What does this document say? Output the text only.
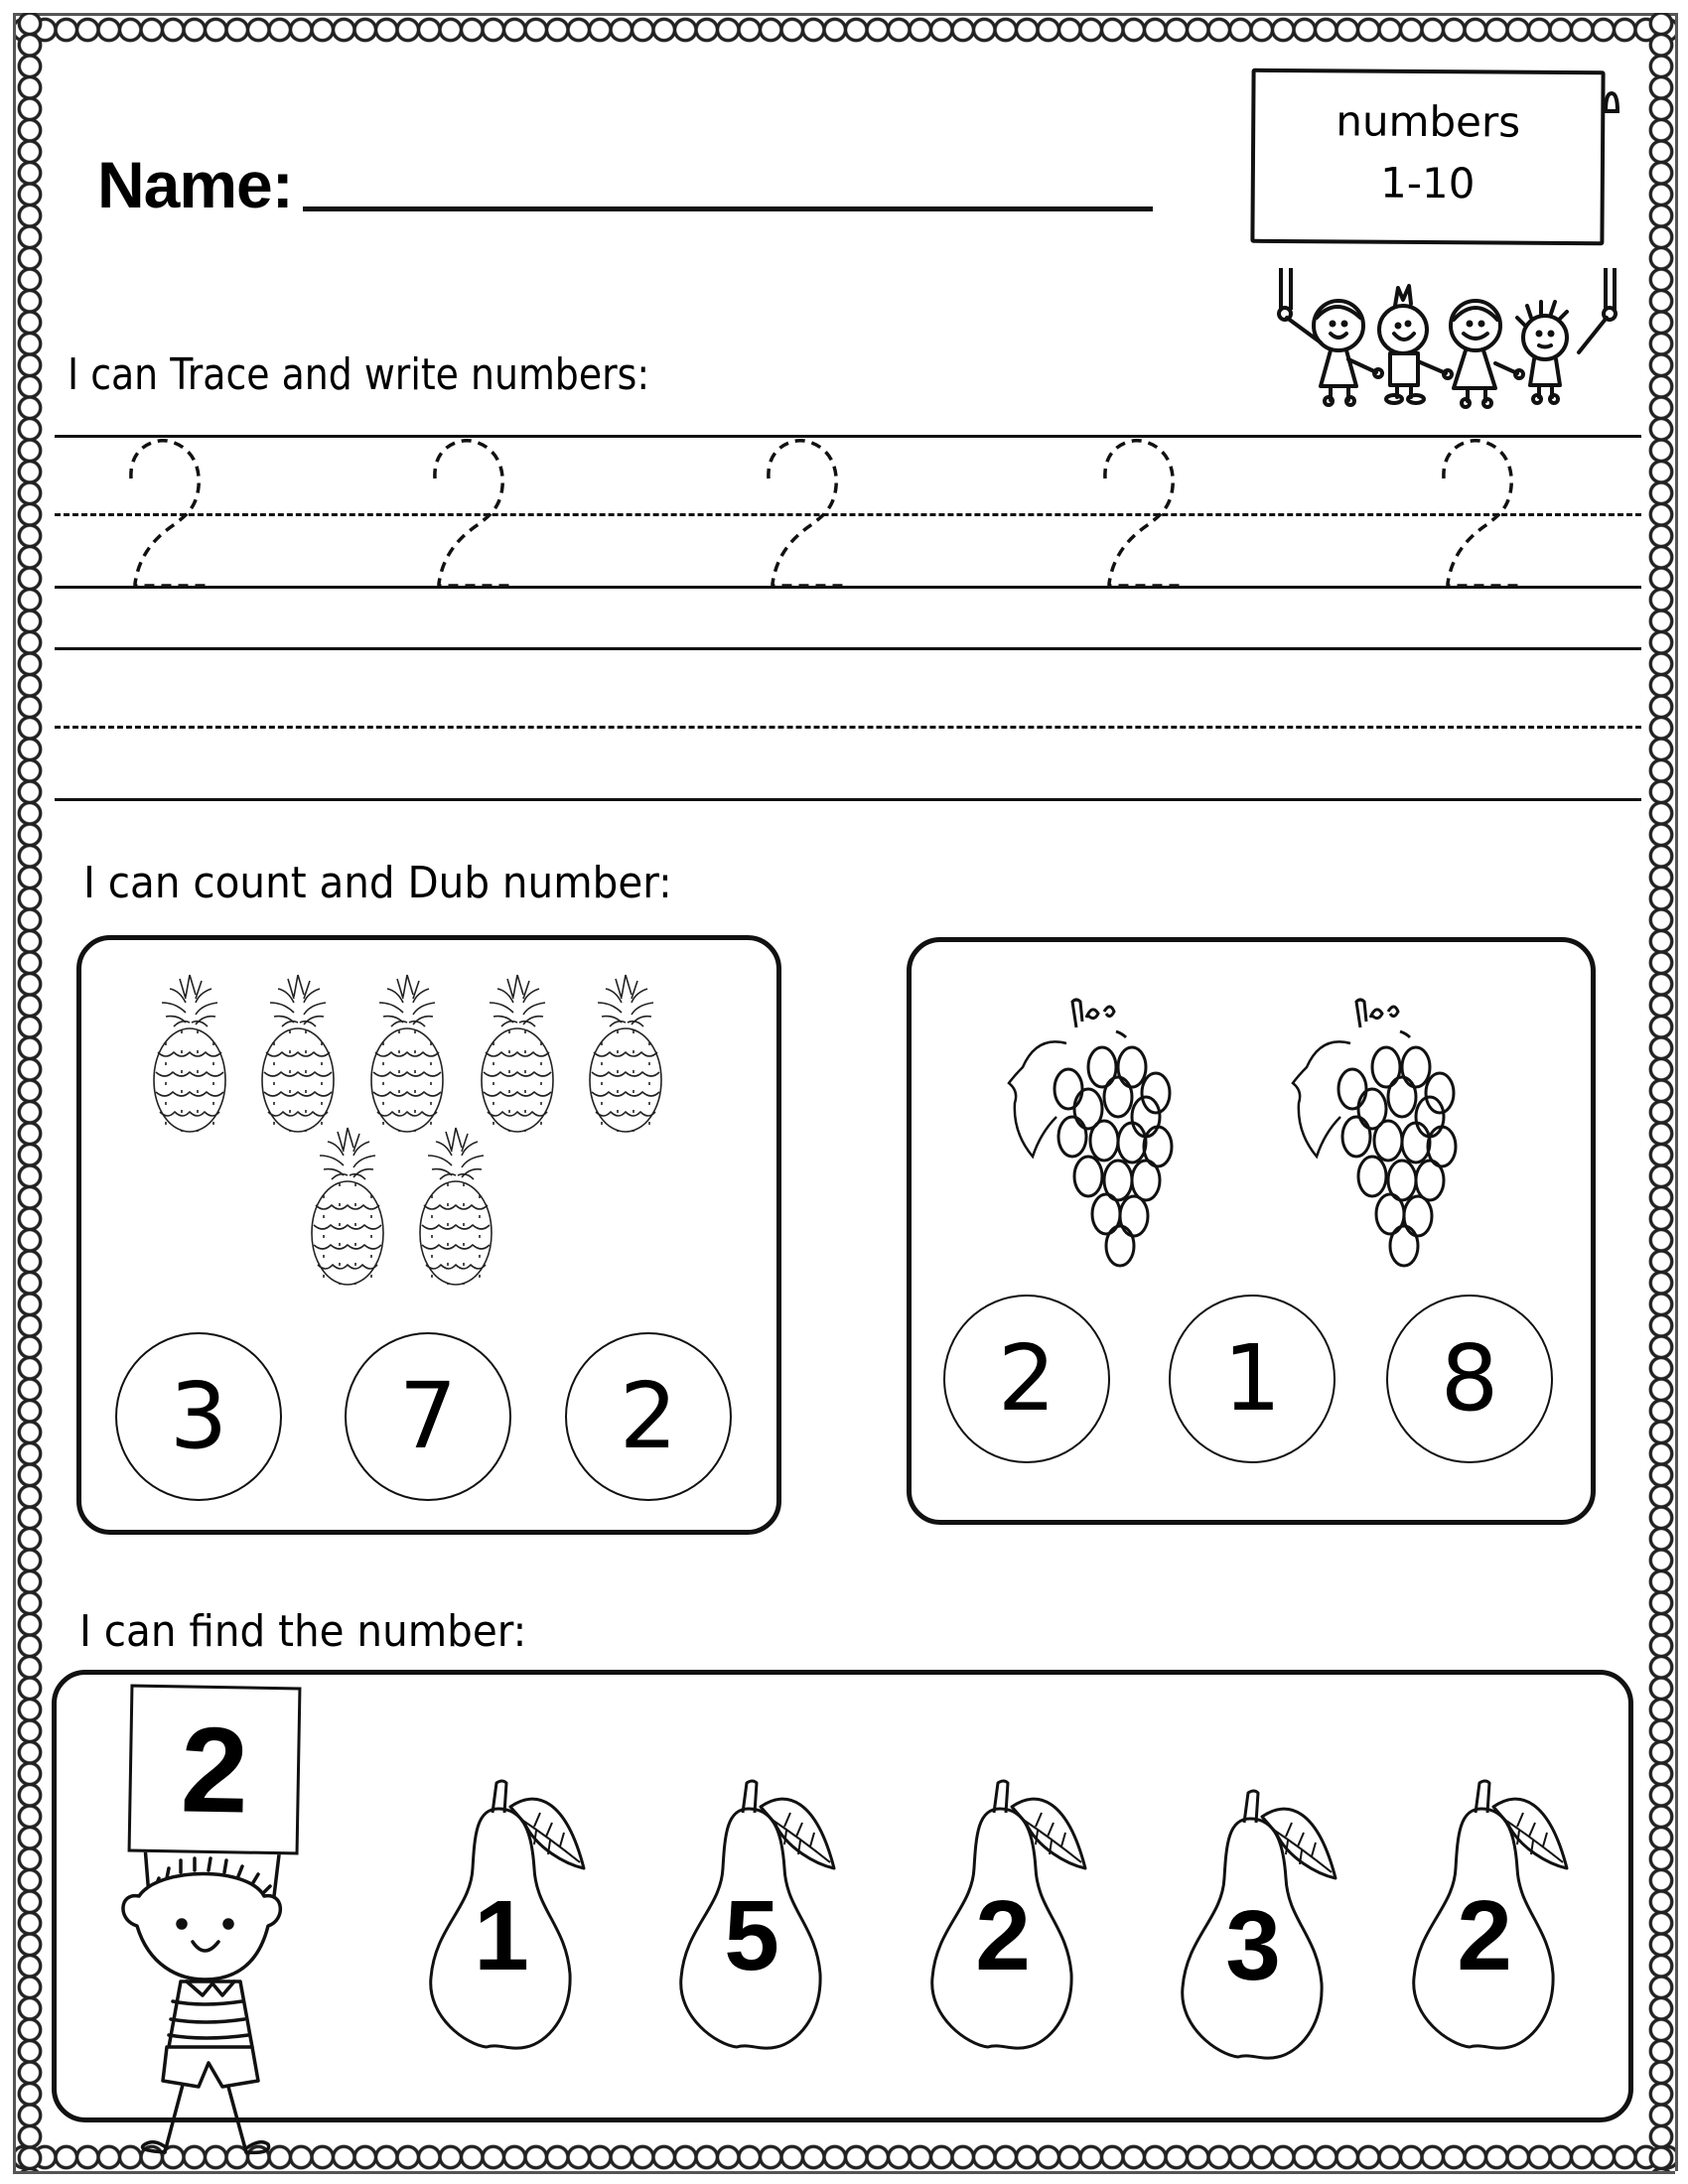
Name:
numbers
1-10
I can Trace and write numbers:
I can count and Dub number:
3	7	2	2	1	8
I can find the number:
2
1	5	2	3	2
